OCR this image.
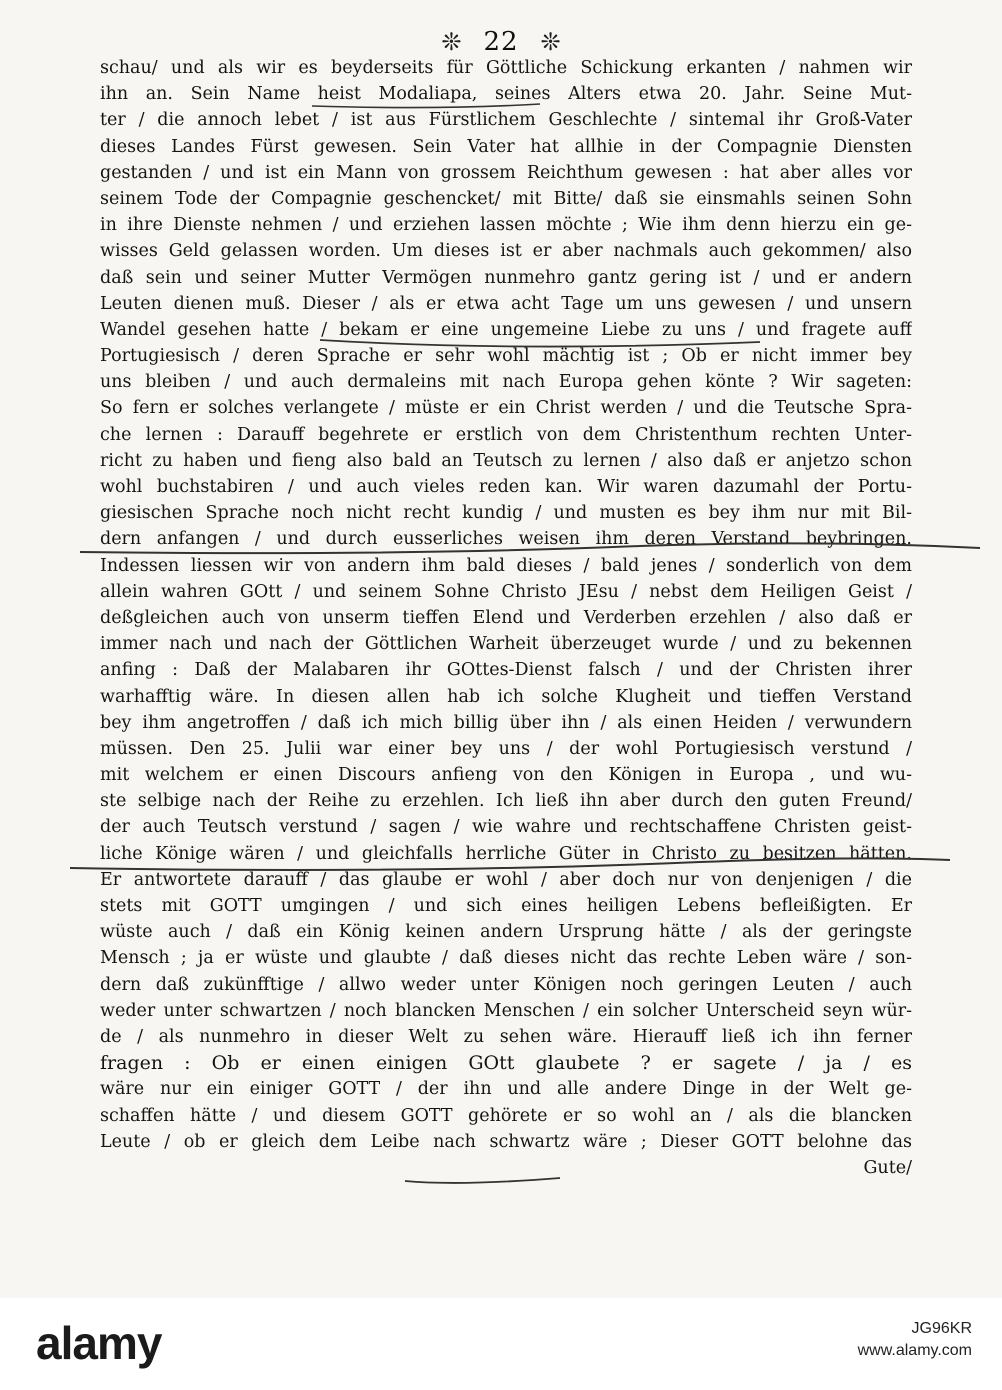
❊ 22 ❊
schau/ und als wir es beyderseits für Göttliche Schickung erkanten / nahmen wir
ihn an. Sein Name heist Modaliapa, seines Alters etwa 20. Jahr. Seine Mut-
ter / die annoch lebet / ist aus Fürstlichem Geschlechte / sintemal ihr Groß-Vater
dieses Landes Fürst gewesen. Sein Vater hat allhie in der Compagnie Diensten
gestanden / und ist ein Mann von grossem Reichthum gewesen : hat aber alles vor
seinem Tode der Compagnie geschencket/ mit Bitte/ daß sie einsmahls seinen Sohn
in ihre Dienste nehmen / und erziehen lassen möchte ; Wie ihm denn hierzu ein ge-
wisses Geld gelassen worden. Um dieses ist er aber nachmals auch gekommen/ also
daß sein und seiner Mutter Vermögen nunmehro gantz gering ist / und er andern
Leuten dienen muß. Dieser / als er etwa acht Tage um uns gewesen / und unsern
Wandel gesehen hatte / bekam er eine ungemeine Liebe zu uns / und fragete auff
Portugiesisch / deren Sprache er sehr wohl mächtig ist ; Ob er nicht immer bey
uns bleiben / und auch dermaleins mit nach Europa gehen könte ? Wir sageten:
So fern er solches verlangete / müste er ein Christ werden / und die Teutsche Spra-
che lernen : Darauff begehrete er erstlich von dem Christenthum rechten Unter-
richt zu haben und fieng also bald an Teutsch zu lernen / also daß er anjetzo schon
wohl buchstabiren / und auch vieles reden kan. Wir waren dazumahl der Portu-
giesischen Sprache noch nicht recht kundig / und musten es bey ihm nur mit Bil-
dern anfangen / und durch eusserliches weisen ihm deren Verstand beybringen.
Indessen liessen wir von andern ihm bald dieses / bald jenes / sonderlich von dem
allein wahren GOtt / und seinem Sohne Christo JEsu / nebst dem Heiligen Geist /
deßgleichen auch von unserm tieffen Elend und Verderben erzehlen / also daß er
immer nach und nach der Göttlichen Warheit überzeuget wurde / und zu bekennen
anfing : Daß der Malabaren ihr GOttes-Dienst falsch / und der Christen ihrer
warhafftig wäre. In diesen allen hab ich solche Klugheit und tieffen Verstand
bey ihm angetroffen / daß ich mich billig über ihn / als einen Heiden / verwundern
müssen. Den 25. Julii war einer bey uns / der wohl Portugiesisch verstund /
mit welchem er einen Discours anfieng von den Königen in Europa , und wu-
ste selbige nach der Reihe zu erzehlen. Ich ließ ihn aber durch den guten Freund/
der auch Teutsch verstund / sagen / wie wahre und rechtschaffene Christen geist-
liche Könige wären / und gleichfalls herrliche Güter in Christo zu besitzen hätten.
Er antwortete darauff / das glaube er wohl / aber doch nur von denjenigen / die
stets mit GOTT umgingen / und sich eines heiligen Lebens befleißigten. Er
wüste auch / daß ein König keinen andern Ursprung hätte / als der geringste
Mensch ; ja er wüste und glaubte / daß dieses nicht das rechte Leben wäre / son-
dern daß zukünfftige / allwo weder unter Königen noch geringen Leuten / auch
weder unter schwartzen / noch blancken Menschen / ein solcher Unterscheid seyn wür-
de / als nunmehro in dieser Welt zu sehen wäre. Hierauff ließ ich ihn ferner
fragen : Ob er einen einigen GOtt glaubete ? er sagete / ja / es
wäre nur ein einiger GOTT / der ihn und alle andere Dinge in der Welt ge-
schaffen hätte / und diesem GOTT gehörete er so wohl an / als die blancken
Leute / ob er gleich dem Leibe nach schwartz wäre ; Dieser GOTT belohne das
Gute/
alamy	JG96KR
www.alamy.com
